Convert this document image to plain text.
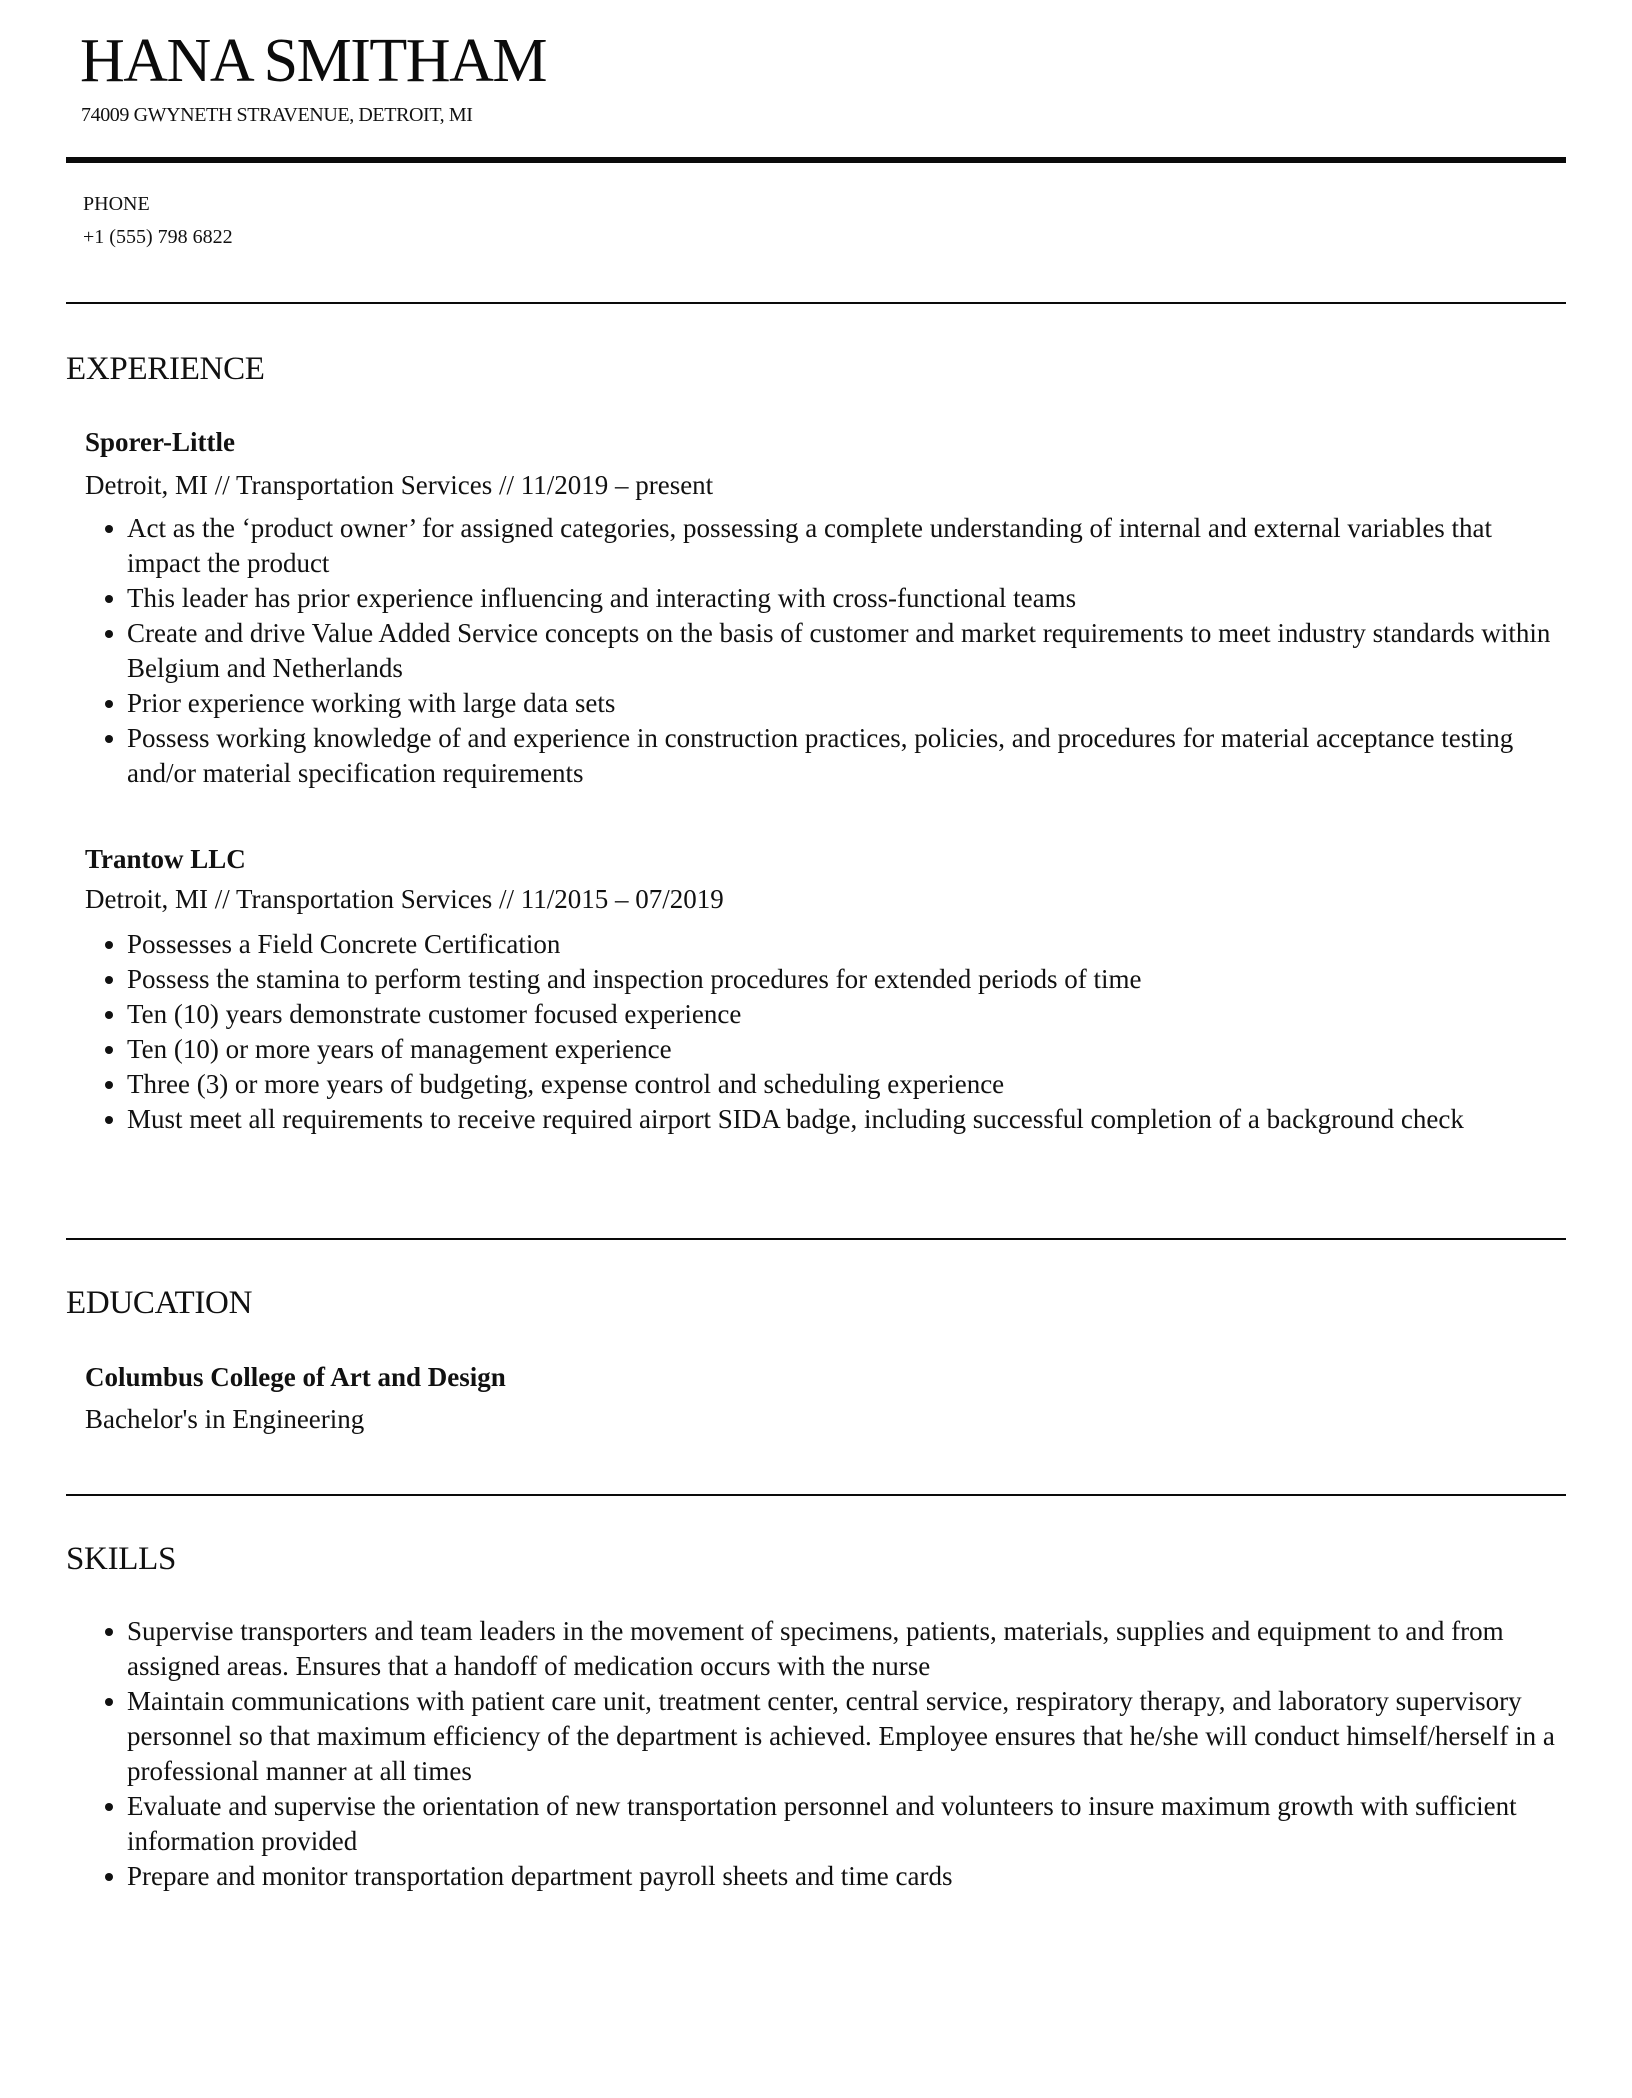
HANA SMITHAM
74009 GWYNETH STRAVENUE, DETROIT, MI
PHONE
+1 (555) 798 6822
EXPERIENCE
Sporer-Little
Detroit, MI // Transportation Services // 11/2019 – present
Act as the ‘product owner’ for assigned categories, possessing a complete understanding of internal and external variables that impact the product
This leader has prior experience influencing and interacting with cross-functional teams
Create and drive Value Added Service concepts on the basis of customer and market requirements to meet industry standards within Belgium and Netherlands
Prior experience working with large data sets
Possess working knowledge of and experience in construction practices, policies, and procedures for material acceptance testing and/or material specification requirements
Trantow LLC
Detroit, MI // Transportation Services // 11/2015 – 07/2019
Possesses a Field Concrete Certification
Possess the stamina to perform testing and inspection procedures for extended periods of time
Ten (10) years demonstrate customer focused experience
Ten (10) or more years of management experience
Three (3) or more years of budgeting, expense control and scheduling experience
Must meet all requirements to receive required airport SIDA badge, including successful completion of a background check
EDUCATION
Columbus College of Art and Design
Bachelor's in Engineering
SKILLS
Supervise transporters and team leaders in the movement of specimens, patients, materials, supplies and equipment to and from assigned areas. Ensures that a handoff of medication occurs with the nurse
Maintain communications with patient care unit, treatment center, central service, respiratory therapy, and laboratory supervisory personnel so that maximum efficiency of the department is achieved. Employee ensures that he/she will conduct himself/herself in a professional manner at all times
Evaluate and supervise the orientation of new transportation personnel and volunteers to insure maximum growth with sufficient information provided
Prepare and monitor transportation department payroll sheets and time cards
